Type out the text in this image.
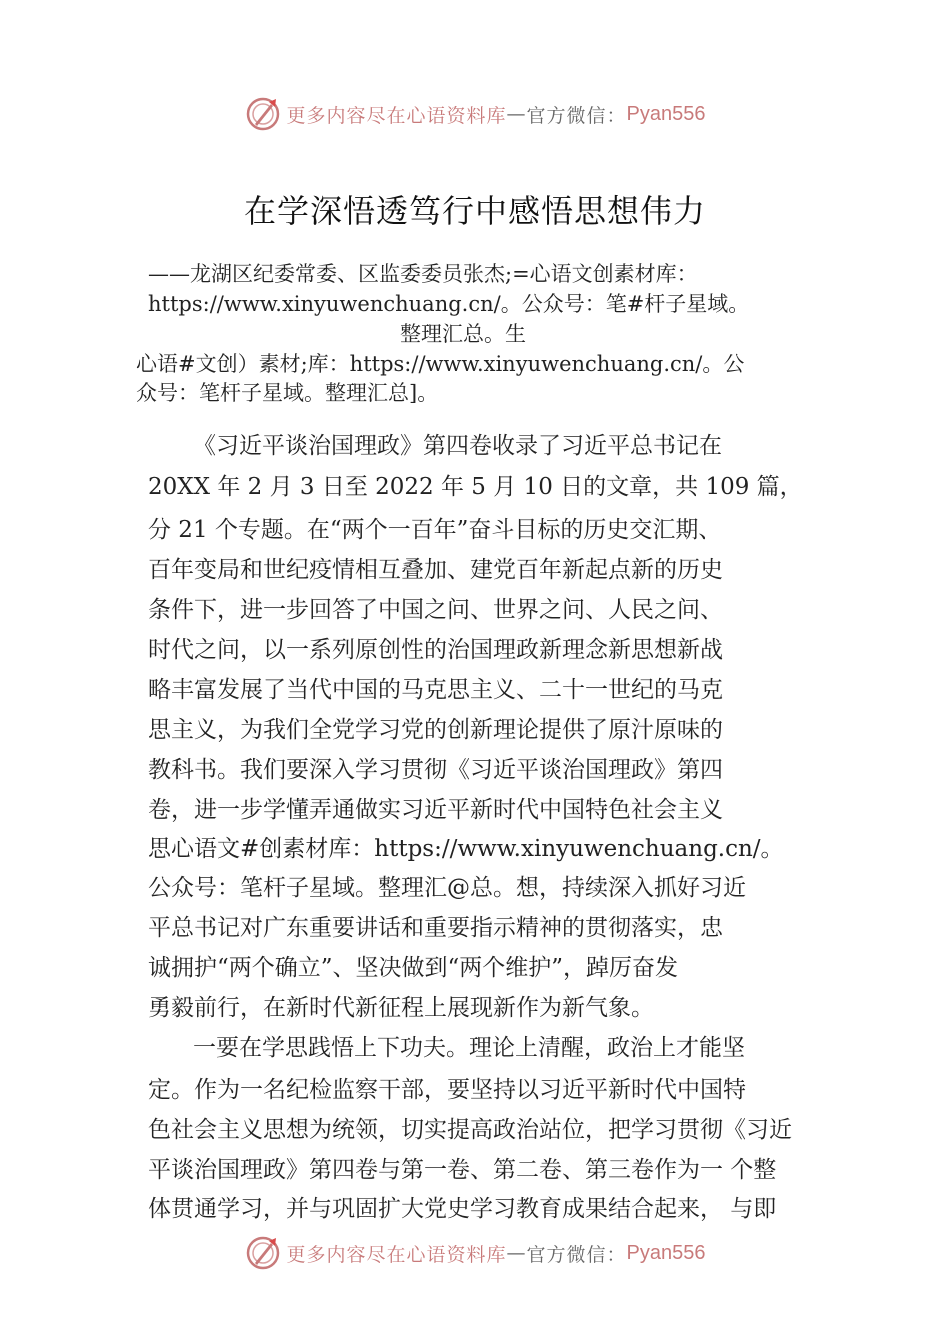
更多内容尽在心语资料库 — 官方微信： Pyan556
在学深悟透笃行中感悟思想伟力
——龙湖区纪委常委、区监委委员张杰;=心语文创素材库：
https://www.xinyuwenchuang.cn/。公众号：笔#杆子星域。
整理汇总。生
心语#文创）素材;库：https://www.xinyuwenchuang.cn/。公
众号：笔杆子星域。整理汇总]。
《习近平谈治国理政》第四卷收录了习近平总书记在
20XX 年 2 月 3 日至 2022 年 5 月 10 日的文章，共 109 篇，
分 21 个专题。在“两个一百年”奋斗目标的历史交汇期、
百年变局和世纪疫情相互叠加、建党百年新起点新的历史
条件下，进一步回答了中国之问、世界之问、人民之问、
时代之问，以一系列原创性的治国理政新理念新思想新战
略丰富发展了当代中国的马克思主义、二十一世纪的马克
思主义，为我们全党学习党的创新理论提供了原汁原味的
教科书。我们要深入学习贯彻《习近平谈治国理政》第四
卷，进一步学懂弄通做实习近平新时代中国特色社会主义
思心语文#创素材库：https://www.xinyuwenchuang.cn/。
公众号：笔杆子星域。整理汇@总。想，持续深入抓好习近
平总书记对广东重要讲话和重要指示精神的贯彻落实，忠
诚拥护“两个确立”、坚决做到“两个维护”，踔厉奋发
勇毅前行，在新时代新征程上展现新作为新气象。
一要在学思践悟上下功夫。理论上清醒，政治上才能坚
定。作为一名纪检监察干部，要坚持以习近平新时代中国特
色社会主义思想为统领，切实提高政治站位，把学习贯彻《习近
平谈治国理政》第四卷与第一卷、第二卷、第三卷作为一 个整
体贯通学习，并与巩固扩大党史学习教育成果结合起来， 与即
更多内容尽在心语资料库 — 官方微信： Pyan556
